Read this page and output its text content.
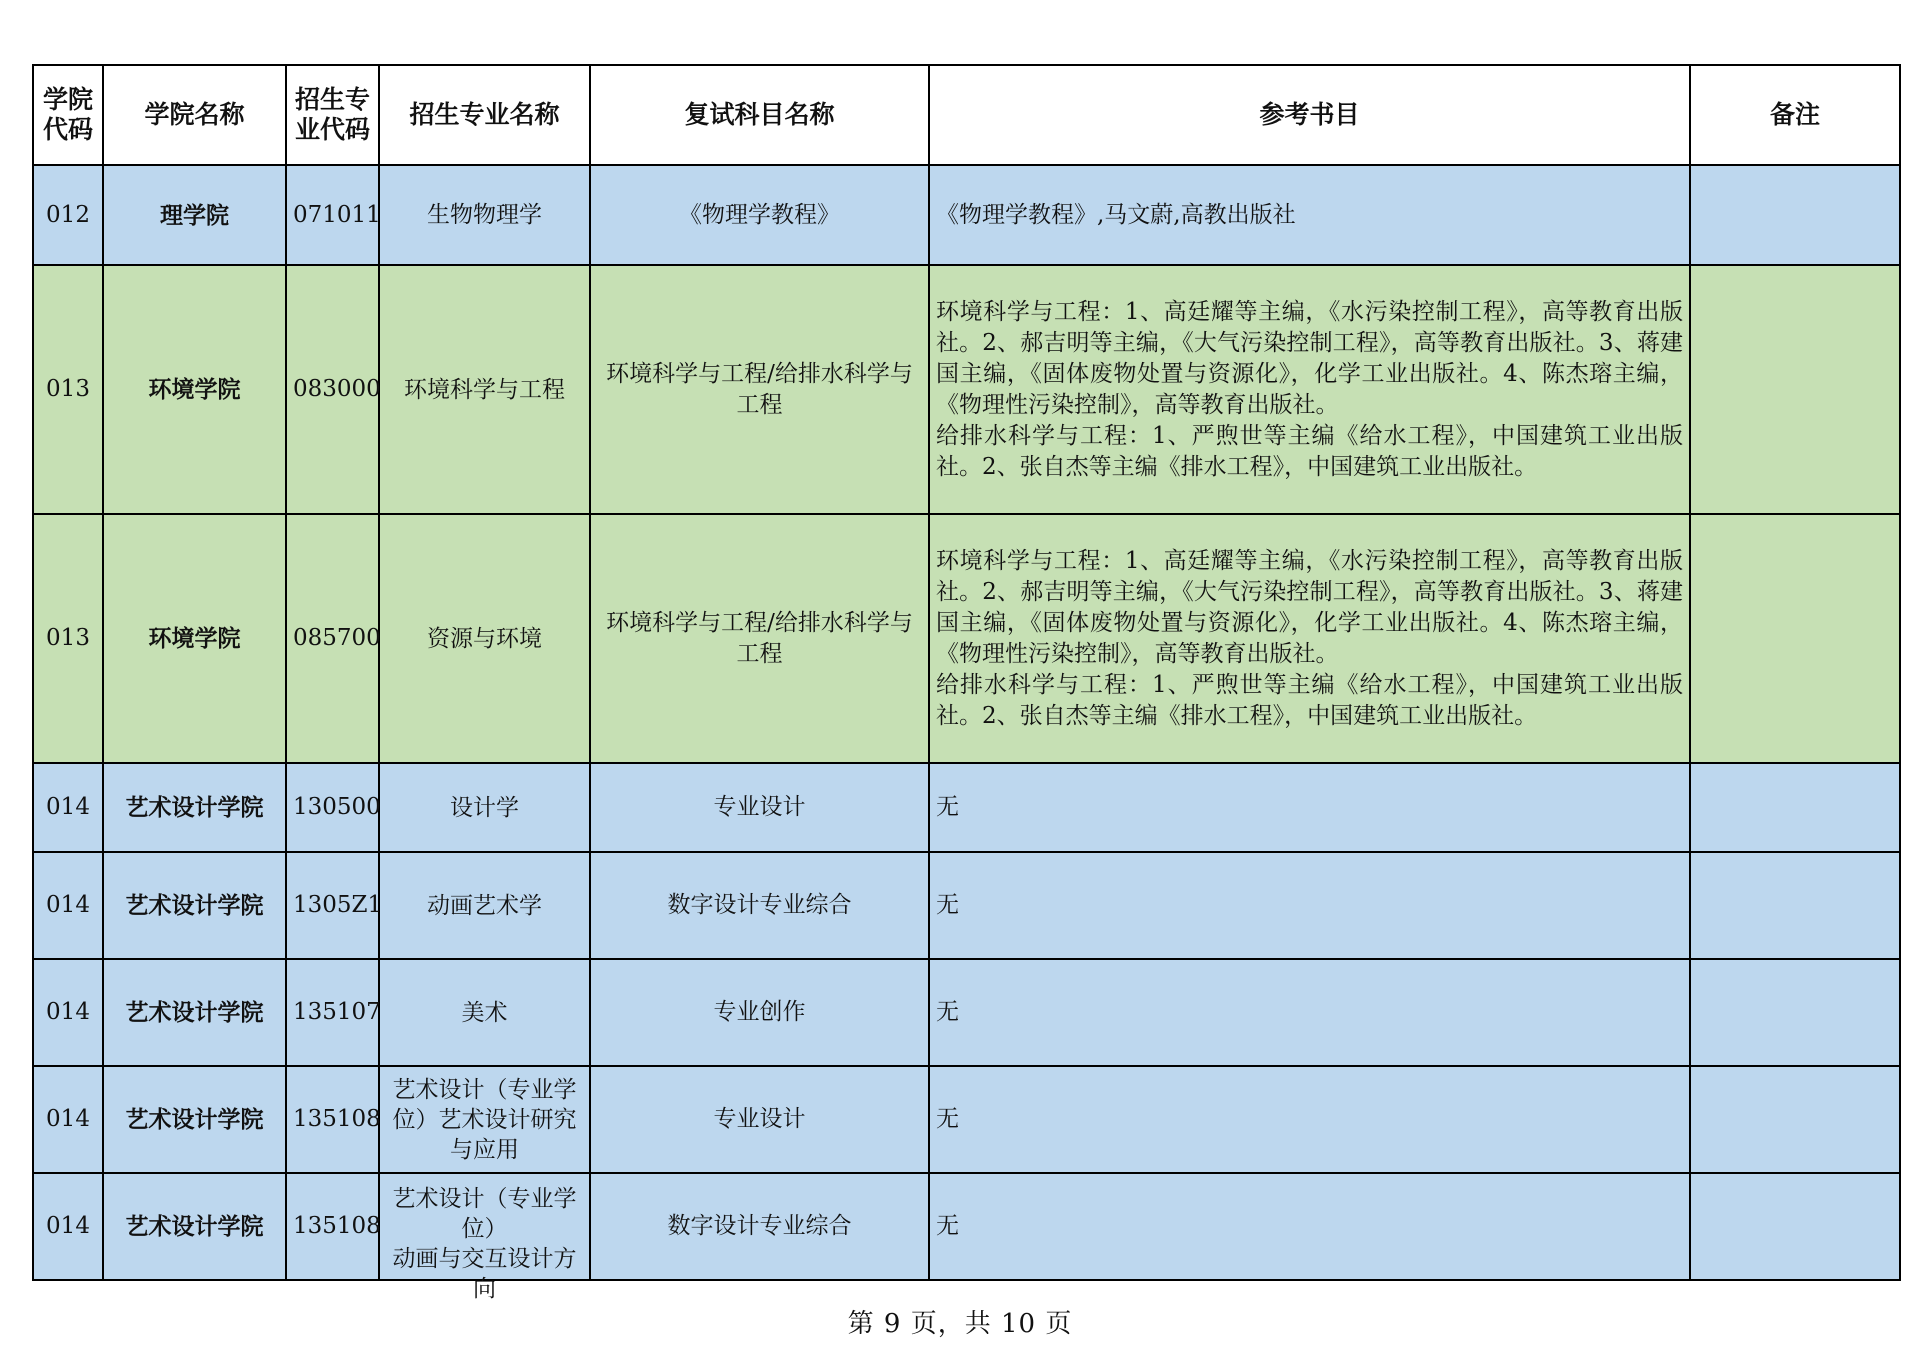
学院代码	学院名称	招生专业代码	招生专业名称	复试科目名称	参考书目	备注
012	理学院	071011	生物物理学	《物理学教程》	《物理学教程》,马文蔚,高教出版社	

013	环境学院	083000	环境科学与工程	环境科学与工程/给排水科学与工程	环境科学与工程：1、高廷耀等主编，《水污染控制工程》，高等教育出版社。2、郝吉明等主编，《大气污染控制工程》，高等教育出版社。3、蒋建国主编，《固体废物处置与资源化》，化学工业出版社。4、陈杰瑢主编，《物理性污染控制》，高等教育出版社。
给排水科学与工程：1、严煦世等主编《给水工程》，中国建筑工业出版社。2、张自杰等主编《排水工程》，中国建筑工业出版社。	

013	环境学院	085700	资源与环境	环境科学与工程/给排水科学与工程	环境科学与工程：1、高廷耀等主编，《水污染控制工程》，高等教育出版社。2、郝吉明等主编，《大气污染控制工程》，高等教育出版社。3、蒋建国主编，《固体废物处置与资源化》，化学工业出版社。4、陈杰瑢主编，《物理性污染控制》，高等教育出版社。
给排水科学与工程：1、严煦世等主编《给水工程》，中国建筑工业出版社。2、张自杰等主编《排水工程》，中国建筑工业出版社。	

014	艺术设计学院	130500	设计学	专业设计	无	

014	艺术设计学院	1305Z1	动画艺术学	数字设计专业综合	无	

014	艺术设计学院	135107	美术	专业创作	无	

014	艺术设计学院	135108	艺术设计（专业学位）艺术设计研究与应用	专业设计	无	

014	艺术设计学院	135108	艺术设计（专业学位）
动画与交互设计方向	数字设计专业综合	无	

第 9 页，共 10 页
